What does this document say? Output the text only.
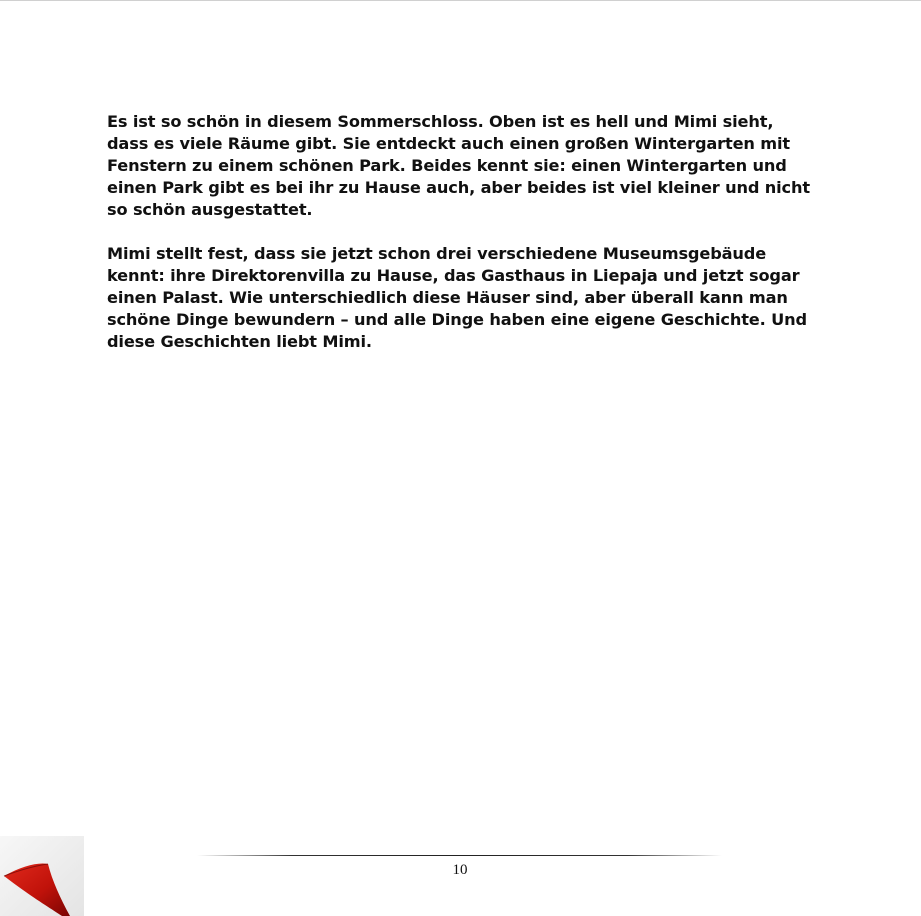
Es ist so schön in diesem Sommerschloss. Oben ist es hell und Mimi sieht,
dass es viele Räume gibt. Sie entdeckt auch einen großen Wintergarten mit
Fenstern zu einem schönen Park. Beides kennt sie: einen Wintergarten und
einen Park gibt es bei ihr zu Hause auch, aber beides ist viel kleiner und nicht
so schön ausgestattet.
Mimi stellt fest, dass sie jetzt schon drei verschiedene Museumsgebäude
kennt: ihre Direktorenvilla zu Hause, das Gasthaus in Liepaja und jetzt sogar
einen Palast. Wie unterschiedlich diese Häuser sind, aber überall kann man
schöne Dinge bewundern – und alle Dinge haben eine eigene Geschichte. Und
diese Geschichten liebt Mimi.
10
